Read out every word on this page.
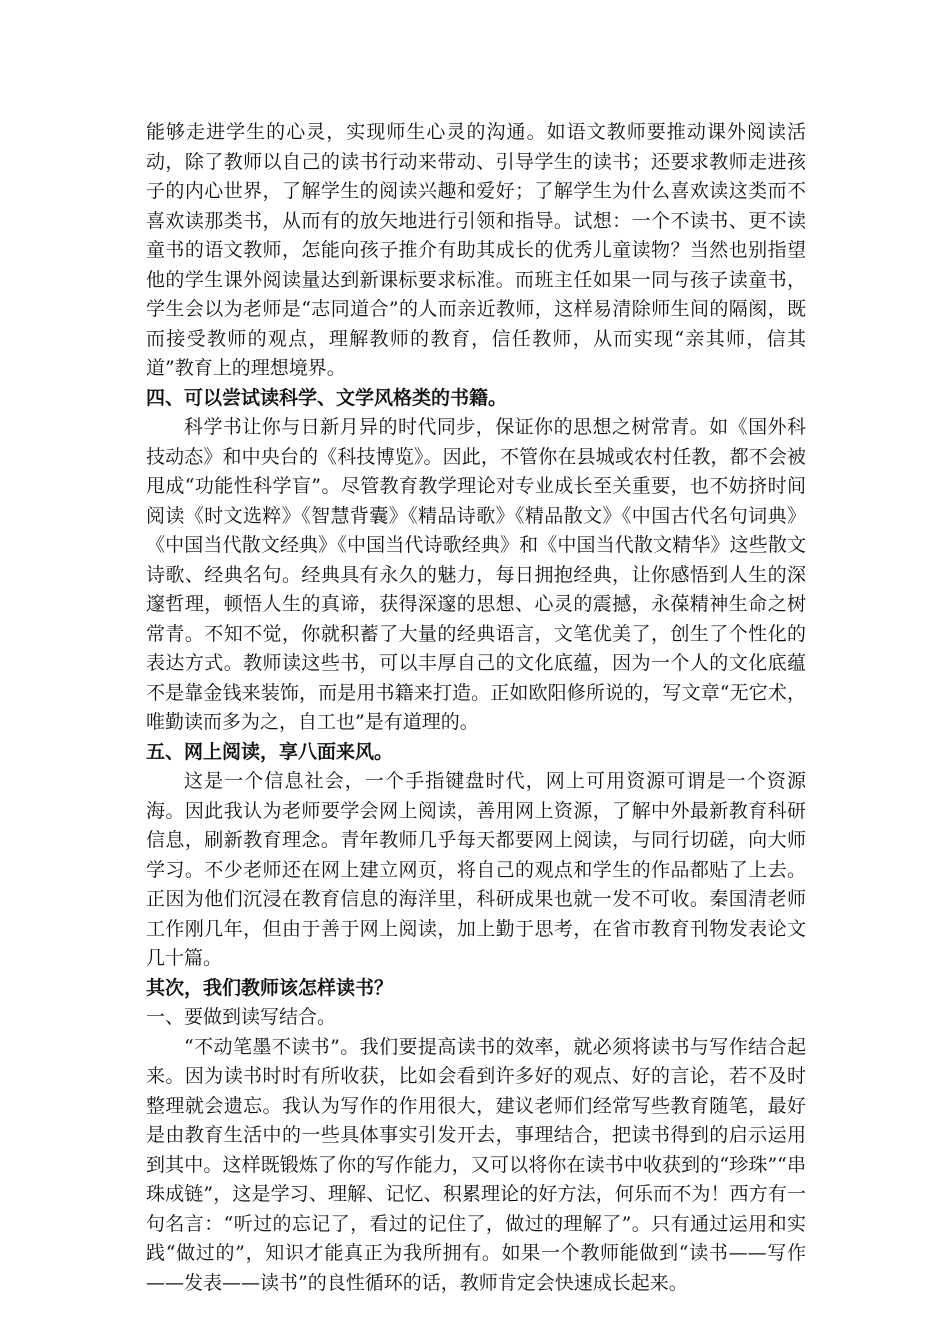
能够走进学生的心灵，实现师生心灵的沟通。如语文教师要推动课外阅读活动，除了教师以自己的读书行动来带动、引导学生的读书；还要求教师走进孩子的内心世界，了解学生的阅读兴趣和爱好；了解学生为什么喜欢读这类而不喜欢读那类书，从而有的放矢地进行引领和指导。试想：一个不读书、更不读童书的语文教师，怎能向孩子推介有助其成长的优秀儿童读物？当然也别指望他的学生课外阅读量达到新课标要求标准。而班主任如果一同与孩子读童书，学生会以为老师是“志同道合”的人而亲近教师，这样易清除师生间的隔阂，既而接受教师的观点，理解教师的教育，信任教师，从而实现“亲其师，信其道”教育上的理想境界。

四、可以尝试读科学、文学风格类的书籍。

科学书让你与日新月异的时代同步，保证你的思想之树常青。如《国外科技动态》和中央台的《科技博览》。因此，不管你在县城或农村任教，都不会被甩成“功能性科学盲”。尽管教育教学理论对专业成长至关重要，也不妨挤时间阅读《时文选粹》《智慧背囊》《精品诗歌》《精品散文》《中国古代名句词典》《中国当代散文经典》《中国当代诗歌经典》和《中国当代散文精华》这些散文诗歌、经典名句。经典具有永久的魅力，每日拥抱经典，让你感悟到人生的深邃哲理，顿悟人生的真谛，获得深邃的思想、心灵的震撼，永葆精神生命之树常青。不知不觉，你就积蓄了大量的经典语言，文笔优美了，创生了个性化的表达方式。教师读这些书，可以丰厚自己的文化底蕴，因为一个人的文化底蕴不是靠金钱来装饰，而是用书籍来打造。正如欧阳修所说的，写文章“无它术，唯勤读而多为之，自工也”是有道理的。

五、网上阅读，享八面来风。

这是一个信息社会，一个手指键盘时代，网上可用资源可谓是一个资源海。因此我认为老师要学会网上阅读，善用网上资源，了解中外最新教育科研信息，刷新教育理念。青年教师几乎每天都要网上阅读，与同行切磋，向大师学习。不少老师还在网上建立网页，将自己的观点和学生的作品都贴了上去。正因为他们沉浸在教育信息的海洋里，科研成果也就一发不可收。秦国清老师工作刚几年，但由于善于网上阅读，加上勤于思考，在省市教育刊物发表论文几十篇。

其次，我们教师该怎样读书？

一、要做到读写结合。

“不动笔墨不读书”。我们要提高读书的效率，就必须将读书与写作结合起来。因为读书时时有所收获，比如会看到许多好的观点、好的言论，若不及时整理就会遗忘。我认为写作的作用很大，建议老师们经常写些教育随笔，最好是由教育生活中的一些具体事实引发开去，事理结合，把读书得到的启示运用到其中。这样既锻炼了你的写作能力，又可以将你在读书中收获到的“珍珠”“串珠成链”，这是学习、理解、记忆、积累理论的好方法，何乐而不为！西方有一句名言：“听过的忘记了，看过的记住了，做过的理解了”。只有通过运用和实践“做过的”，知识才能真正为我所拥有。如果一个教师能做到“读书——写作——发表——读书”的良性循环的话，教师肯定会快速成长起来。
